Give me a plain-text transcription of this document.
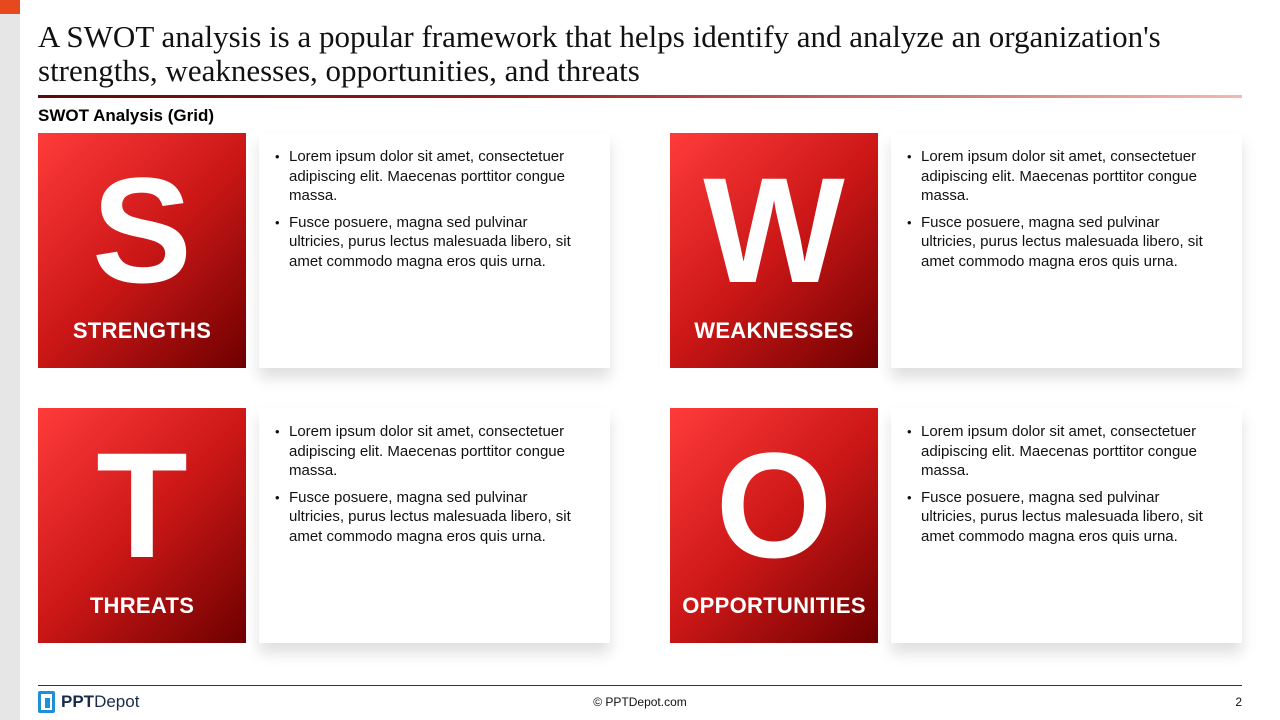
A SWOT analysis is a popular framework that helps identify and analyze an organization's strengths, weaknesses, opportunities, and threats
SWOT Analysis (Grid)
S
STRENGTHS
• Lorem ipsum dolor sit amet, consectetuer adipiscing elit. Maecenas porttitor congue massa.
• Fusce posuere, magna sed pulvinar ultricies, purus lectus malesuada libero, sit amet commodo magna eros quis urna. W
WEAKNESSES
• Lorem ipsum dolor sit amet, consectetuer adipiscing elit. Maecenas porttitor congue massa.
• Fusce posuere, magna sed pulvinar ultricies, purus lectus malesuada libero, sit amet commodo magna eros quis urna.
T
THREATS
• Lorem ipsum dolor sit amet, consectetuer adipiscing elit. Maecenas porttitor congue massa.
• Fusce posuere, magna sed pulvinar ultricies, purus lectus malesuada libero, sit amet commodo magna eros quis urna.	O
OPPORTUNITIES
• Lorem ipsum dolor sit amet, consectetuer adipiscing elit. Maecenas porttitor congue massa.
• Fusce posuere, magna sed pulvinar ultricies, purus lectus malesuada libero, sit amet commodo magna eros quis urna.
PPTDepot	© PPTDepot.com	2
